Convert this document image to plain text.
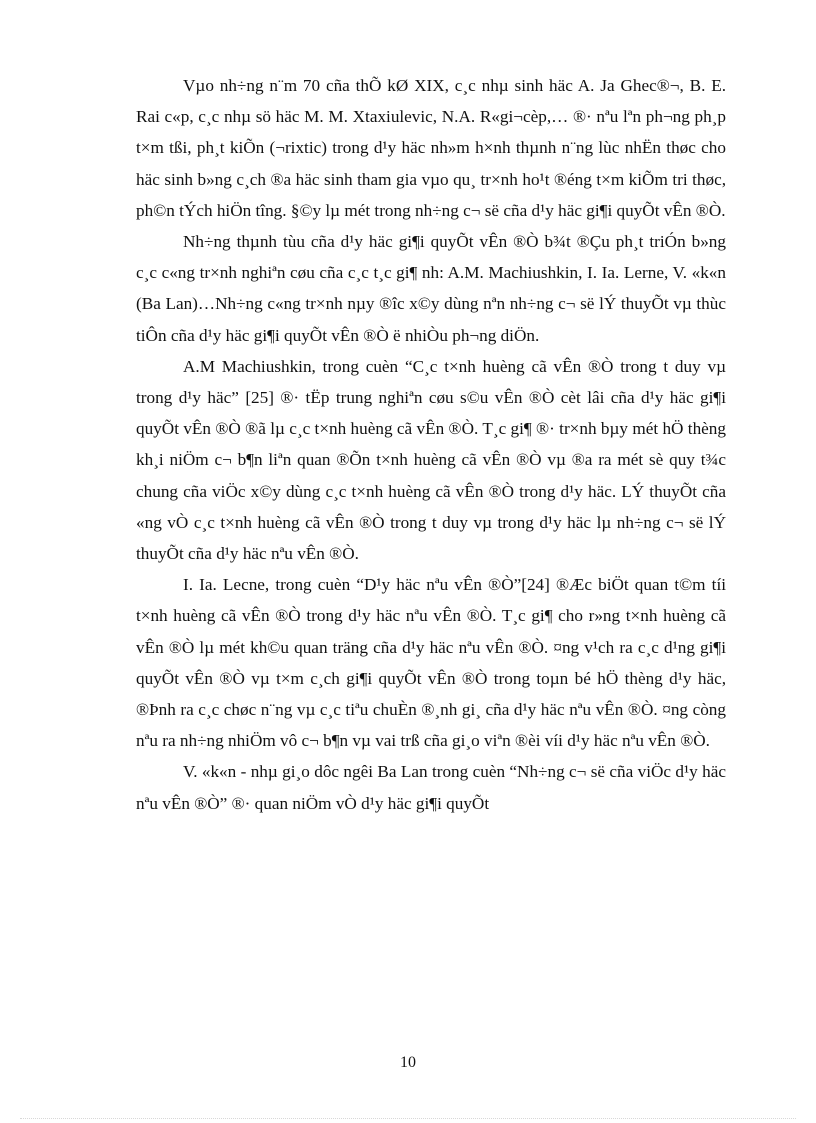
Vµo nh÷ng n¨m 70 cña thÕ kØ XIX, c¸c nhµ sinh häc A. Ja Ghec®¬, B. E. Rai c«p, c¸c nhµ sö häc M. M. Xtaxiulevic, N.A. R«gi¬cèp,… ®· nªu lªn ph¬ng ph¸p t×m tßi, ph¸t kiÕn (¬rixtic) trong d¹y häc nh»m h×nh thµnh n¨ng lùc nhËn thøc cho häc sinh b»ng c¸ch ®a häc sinh tham gia vµo qu¸ tr×nh ho¹t ®éng t×m kiÕm tri thøc, ph©n tÝch hiÖn tîng. §©y lµ mét trong nh÷ng c¬ së cña d¹y häc gi¶i quyÕt vÊn ®Ò.

Nh÷ng thµnh tùu cña d¹y häc gi¶i quyÕt vÊn ®Ò b¾t ®Çu ph¸t triÓn b»ng c¸c c«ng tr×nh nghiªn cøu cña c¸c t¸c gi¶ nh: A.M. Machiushkin, I. Ia. Lerne, V. «k«n (Ba Lan)…Nh÷ng c«ng tr×nh nµy ®îc x©y dùng nªn nh÷ng c¬ së lÝ thuyÕt vµ thùc tiÔn cña d¹y häc gi¶i quyÕt vÊn ®Ò ë nhiÒu ph¬ng diÖn.

A.M Machiushkin, trong cuèn “C¸c t×nh huèng cã vÊn ®Ò trong t duy vµ trong d¹y häc” [25] ®· tËp trung nghiªn cøu s©u vÊn ®Ò cèt lâi cña d¹y häc gi¶i quyÕt vÊn ®Ò ®ã lµ c¸c t×nh huèng cã vÊn ®Ò. T¸c gi¶ ®· tr×nh bµy mét hÖ thèng kh¸i niÖm c¬ b¶n liªn quan ®Õn t×nh huèng cã vÊn ®Ò vµ ®a ra mét sè quy t¾c chung cña viÖc x©y dùng c¸c t×nh huèng cã vÊn ®Ò trong d¹y häc. LÝ thuyÕt cña «ng vÒ c¸c t×nh huèng cã vÊn ®Ò trong t duy vµ trong d¹y häc lµ nh÷ng c¬ së lÝ thuyÕt cña d¹y häc nªu vÊn ®Ò.

I. Ia. Lecne, trong cuèn “D¹y häc nªu vÊn ®Ò”[24] ®Æc biÖt quan t©m tíi t×nh huèng cã vÊn ®Ò trong d¹y häc nªu vÊn ®Ò. T¸c gi¶ cho r»ng t×nh huèng cã vÊn ®Ò lµ mét kh©u quan träng cña d¹y häc nªu vÊn ®Ò. ¤ng v¹ch ra c¸c d¹ng gi¶i quyÕt vÊn ®Ò vµ t×m c¸ch gi¶i quyÕt vÊn ®Ò trong toµn bé hÖ thèng d¹y häc, ®Þnh ra c¸c chøc n¨ng vµ c¸c tiªu chuÈn ®¸nh gi¸ cña d¹y häc nªu vÊn ®Ò. ¤ng còng nªu ra nh÷ng nhiÖm vô c¬ b¶n vµ vai trß cña gi¸o viªn ®èi víi d¹y häc nªu vÊn ®Ò.

V. «k«n - nhµ gi¸o dôc ngêi Ba Lan trong cuèn “Nh÷ng c¬ së cña viÖc d¹y häc nªu vÊn ®Ò” ®· quan niÖm vÒ d¹y häc gi¶i quyÕt

10
